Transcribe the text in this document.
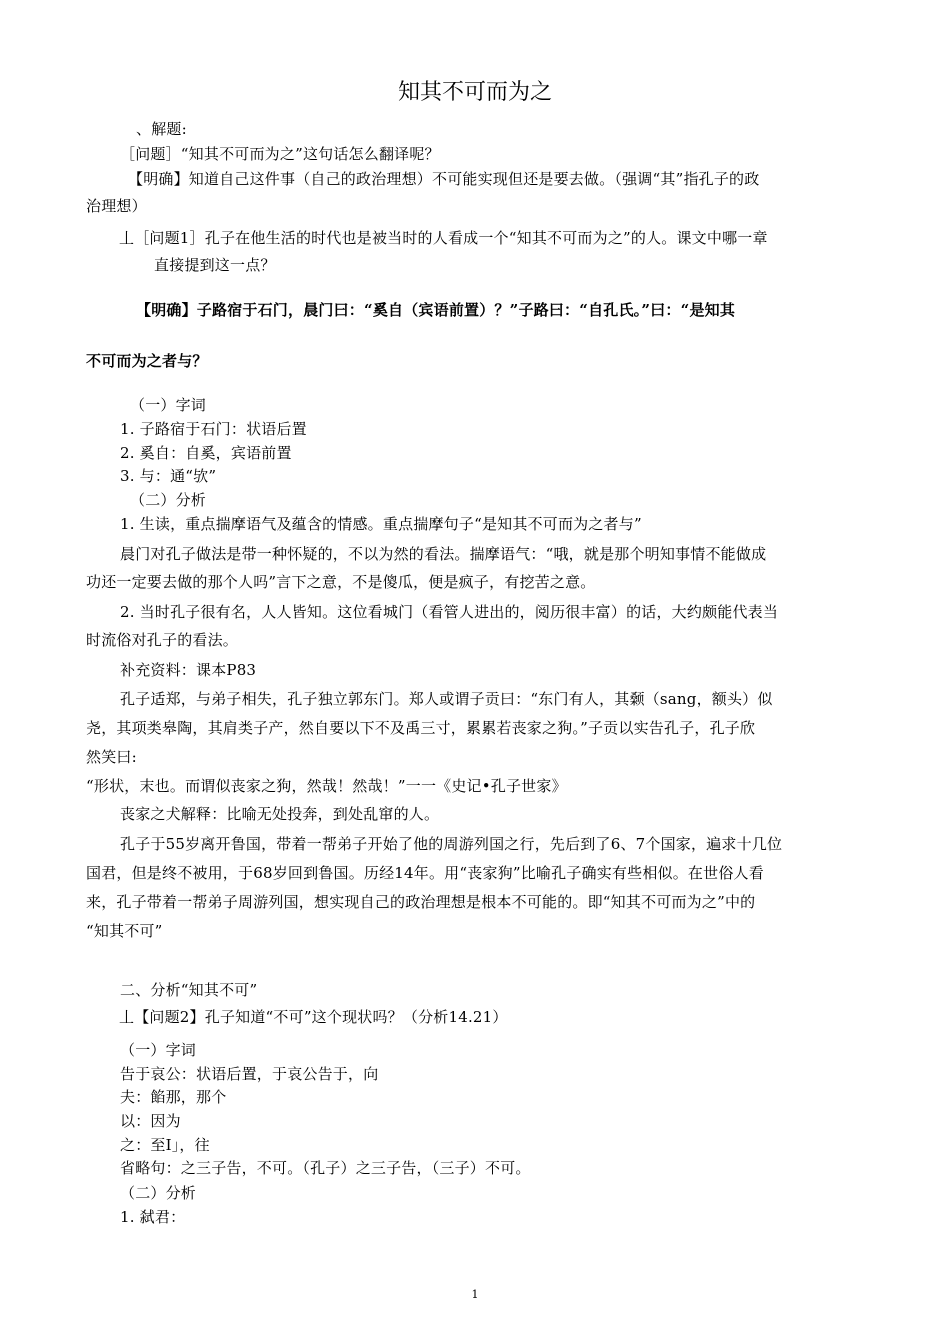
知其不可而为之
、解题:
［问题］“知其不可而为之”这句话怎么翻译呢？
【明确】知道自己这件事（自己的政治理想）不可能实现但还是要去做。（强调“其”指孔子的政
治理想）
丄［问题1］孔子在他生活的时代也是被当时的人看成一个“知其不可而为之”的人。课文中哪一章
直接提到这一点？
【明确】子路宿于石门，晨门曰：“奚自（宾语前置）？”子路曰：“自孔氏。”曰：“是知其
不可而为之者与？
（一）字词
1. 子路宿于石门：状语后置
2. 奚自：自奚，宾语前置
3. 与：通“欤”
（二）分析
1. 生读，重点揣摩语气及蕴含的情感。重点揣摩句子“是知其不可而为之者与”
晨门对孔子做法是带一种怀疑的，不以为然的看法。揣摩语气：“哦，就是那个明知事情不能做成
功还一定要去做的那个人吗”言下之意，不是傻瓜，便是疯子，有挖苦之意。
2. 当时孔子很有名，人人皆知。这位看城门（看管人进出的，阅历很丰富）的话，大约颇能代表当
时流俗对孔子的看法。
补充资料：课本P83
孔子适郑，与弟子相失，孔子独立郭东门。郑人或谓子贡曰：“东门有人，其颡（sang，额头）似
尧，其项类皋陶，其肩类子产，然自要以下不及禹三寸，累累若丧家之狗。”子贡以实告孔子，孔子欣
然笑曰:
“形状，末也。而谓似丧家之狗，然哉！然哉！”一一《史记•孔子世家》
丧家之犬解释：比喻无处投奔，到处乱窜的人。
孔子于55岁离开鲁国，带着一帮弟子开始了他的周游列国之行，先后到了6、7个国家，遍求十几位
国君，但是终不被用，于68岁回到鲁国。历经14年。用“丧家狗”比喻孔子确实有些相似。在世俗人看
来，孔子带着一帮弟子周游列国，想实现自己的政治理想是根本不可能的。即“知其不可而为之”中的
“知其不可”
二、分析“知其不可”
丄【问题2】孔子知道“不可”这个现状吗？（分析14.21）
（一）字词
告于哀公：状语后置，于哀公告于，向
夫：餡那，那个
以：因为
之：至I」，往
省略句：之三子告，不可。（孔子）之三子告，（三子）不可。
（二）分析
1. 弑君：
1
